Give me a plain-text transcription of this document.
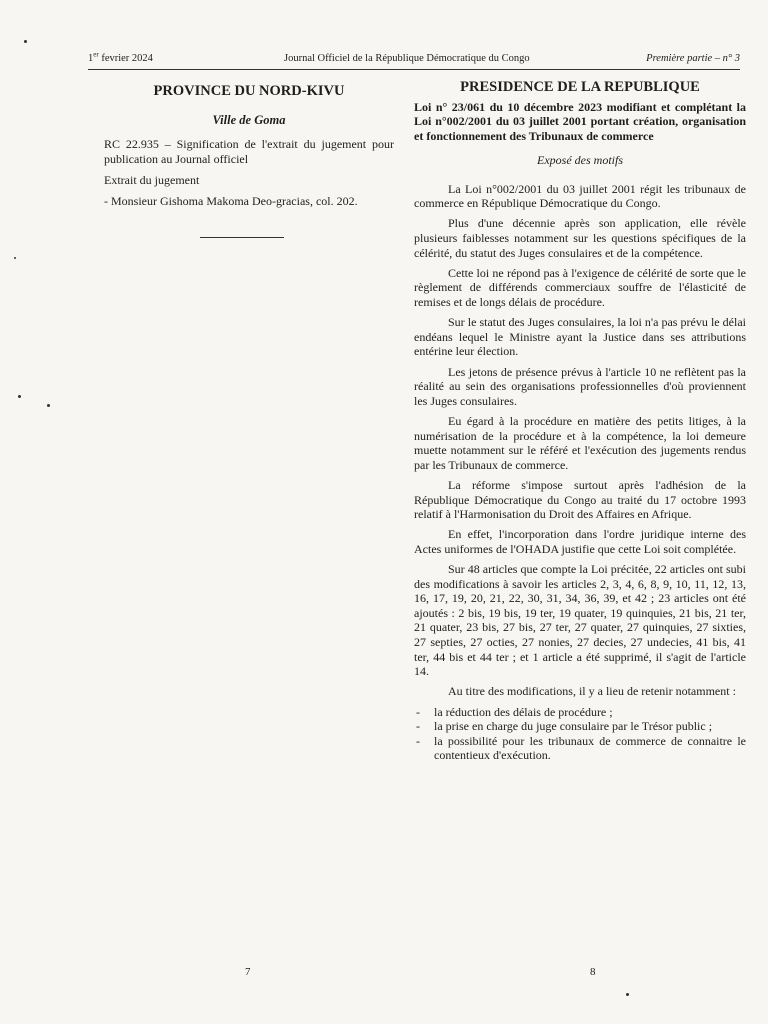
1er fevrier 2024	Journal Officiel de la République Démocratique du Congo	Première partie – n° 3

PROVINCE DU NORD-KIVU

Ville de Goma

RC 22.935 – Signification de l'extrait du jugement pour publication au Journal officiel

Extrait du jugement

- Monsieur Gishoma Makoma Deo-gracias, col. 202.

PRESIDENCE DE LA REPUBLIQUE

Loi n° 23/061 du 10 décembre 2023 modifiant et complétant la Loi n°002/2001 du 03 juillet 2001 portant création, organisation et fonctionnement des Tribunaux de commerce

Exposé des motifs

La Loi n°002/2001 du 03 juillet 2001 régit les tribunaux de commerce en République Démocratique du Congo.

Plus d'une décennie après son application, elle révèle plusieurs faiblesses notamment sur les questions spécifiques de la célérité, du statut des Juges consulaires et de la compétence.

Cette loi ne répond pas à l'exigence de célérité de sorte que le règlement de différends commerciaux souffre de l'élasticité de remises et de longs délais de procédure.

Sur le statut des Juges consulaires, la loi n'a pas prévu le délai endéans lequel le Ministre ayant la Justice dans ses attributions entérine leur élection.

Les jetons de présence prévus à l'article 10 ne reflètent pas la réalité au sein des organisations professionnelles d'où proviennent les Juges consulaires.

Eu égard à la procédure en matière des petits litiges, à la numérisation de la procédure et à la compétence, la loi demeure muette notamment sur le référé et l'exécution des jugements rendus par les Tribunaux de commerce.

La réforme s'impose surtout après l'adhésion de la République Démocratique du Congo au traité du 17 octobre 1993 relatif à l'Harmonisation du Droit des Affaires en Afrique.

En effet, l'incorporation dans l'ordre juridique interne des Actes uniformes de l'OHADA justifie que cette Loi soit complétée.

Sur 48 articles que compte la Loi précitée, 22 articles ont subi des modifications à savoir les articles 2, 3, 4, 6, 8, 9, 10, 11, 12, 13, 16, 17, 19, 20, 21, 22, 30, 31, 34, 36, 39, et 42 ; 23 articles ont été ajoutés : 2 bis, 19 bis, 19 ter, 19 quater, 19 quinquies, 21 bis, 21 ter, 21 quater, 23 bis, 27 bis, 27 ter, 27 quater, 27 quinquies, 27 sixties, 27 septies, 27 octies, 27 nonies, 27 decies, 27 undecies, 41 bis, 41 ter, 44 bis et 44 ter ; et 1 article a été supprimé, il s'agit de l'article 14.

Au titre des modifications, il y a lieu de retenir notamment :

- la réduction des délais de procédure ;
- la prise en charge du juge consulaire par le Trésor public ;
- la possibilité pour les tribunaux de commerce de connaitre le contentieux d'exécution.
7	8
